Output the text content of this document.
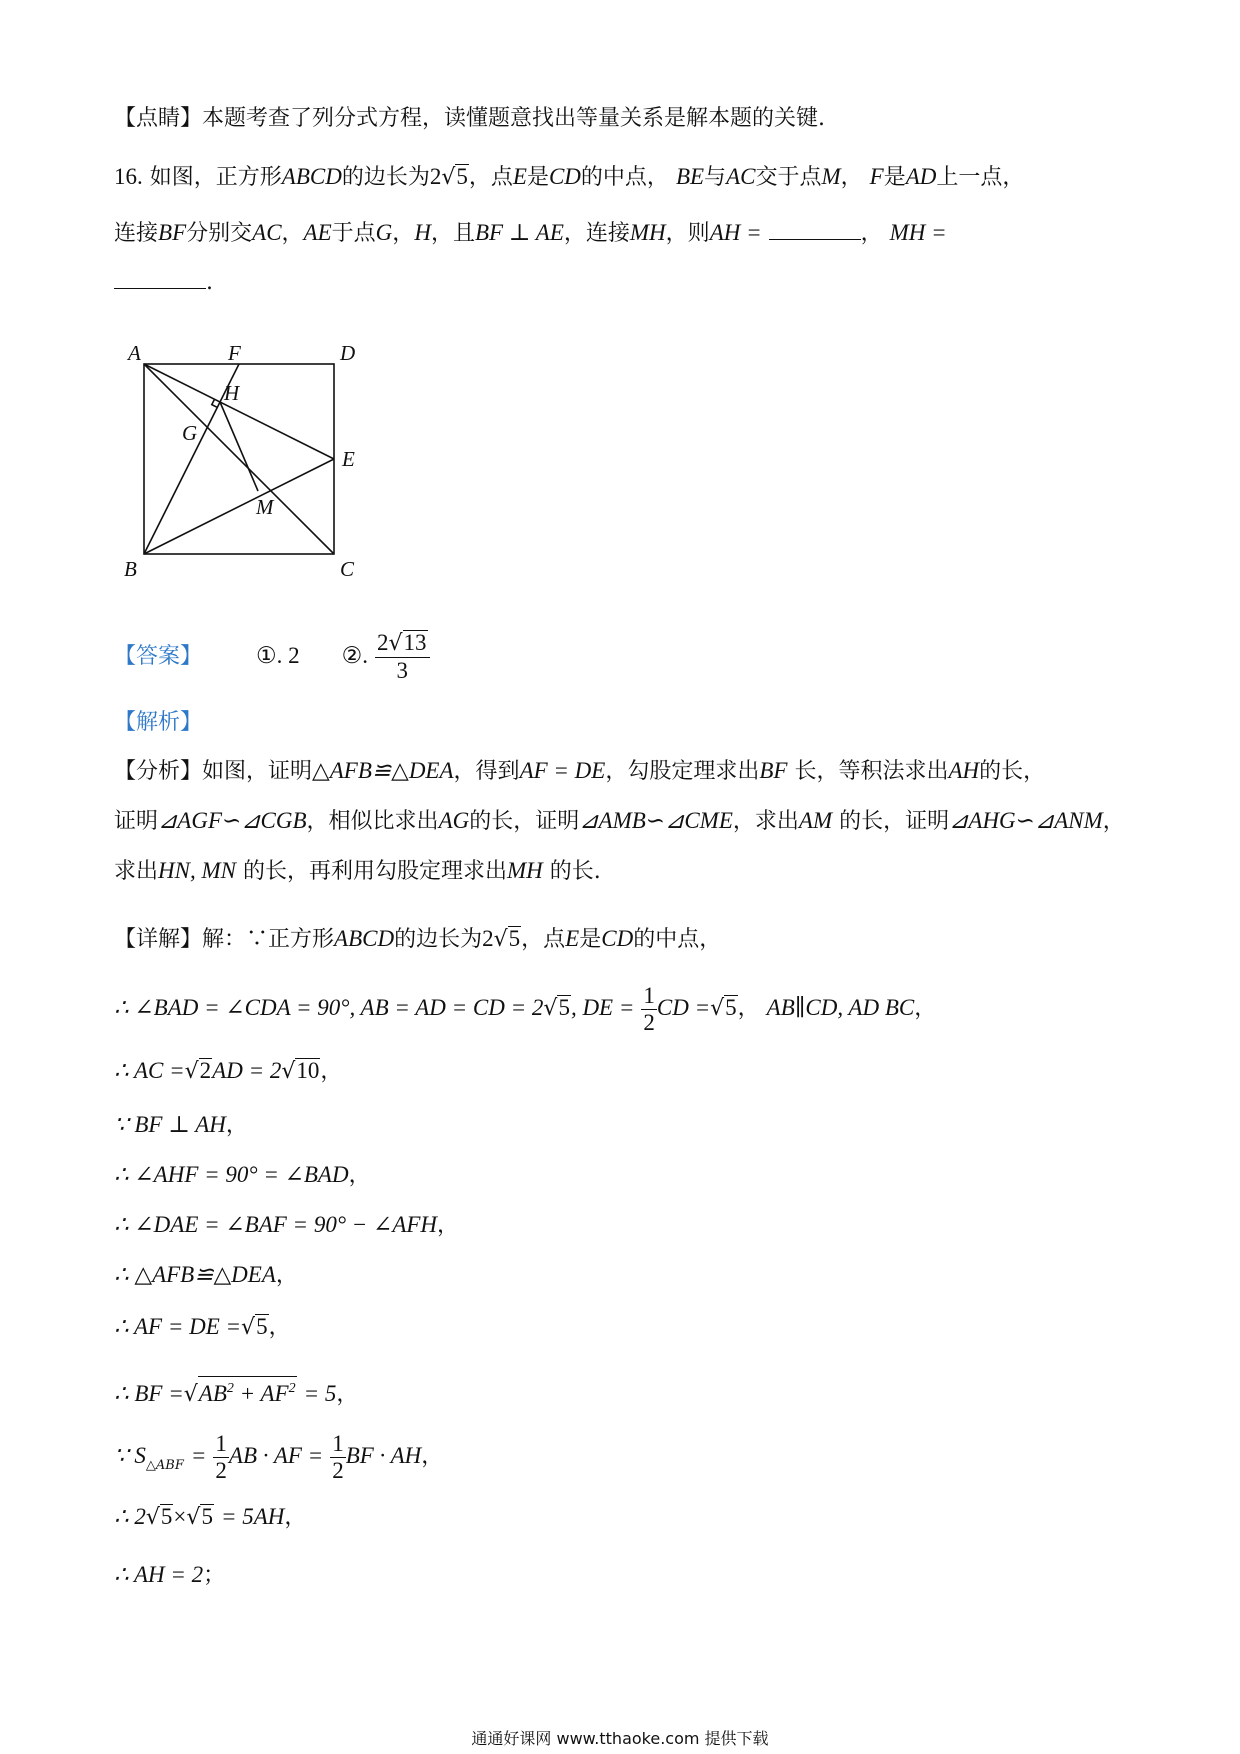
【点睛】本题考查了列分式方程，读懂题意找出等量关系是解本题的关键.
16. 如图，正方形ABCD的边长为2√5，点E是CD的中点， BE与AC交于点M， F是AD上一点，
连接BF分别交AC，AE于点G，H，且BF ⊥ AE，连接MH，则AH =	， MH =
.
A	F	D
H
G
E
M
B	C
【答案】 ①. 2 ②. $\frac{2√13}{3}$
【解析】
【分析】如图，证明△AFB≌△DEA，得到AF = DE，勾股定理求出BF 长，等积法求出AH的长，
证明⊿AGF∽⊿CGB，相似比求出AG的长，证明⊿AMB∽⊿CME，求出AM 的长，证明⊿AHG∽⊿ANM，
求出HN, MN 的长，再利用勾股定理求出MH 的长.
【详解】解：∵正方形ABCD的边长为2√5，点E是CD的中点，
∴ ∠BAD = ∠CDA = 90°, AB = AD = CD = 2√5, DE = $\frac{1}{2}$ CD =√5， AB∥CD, AD BC，
∴ AC =√2AD = 2√10，
∵ BF ⊥ AH，
∴ ∠AHF = 90° = ∠BAD，
∴ ∠DAE = ∠BAF = 90° − ∠AFH，
∴ △AFB≌△DEA，
∴ AF = DE =√5，
∴ BF $=√AB^2 + AF^2 = 5$，
∵ $S_{\triangle ABF} = \frac{1}{2}$ AB · AF = $\frac{1}{2}$ BF · AH，
∴ 2√5×√5 = 5AH，
∴ AH = 2；
通通好课网 www.tthaoke.com 提供下载
